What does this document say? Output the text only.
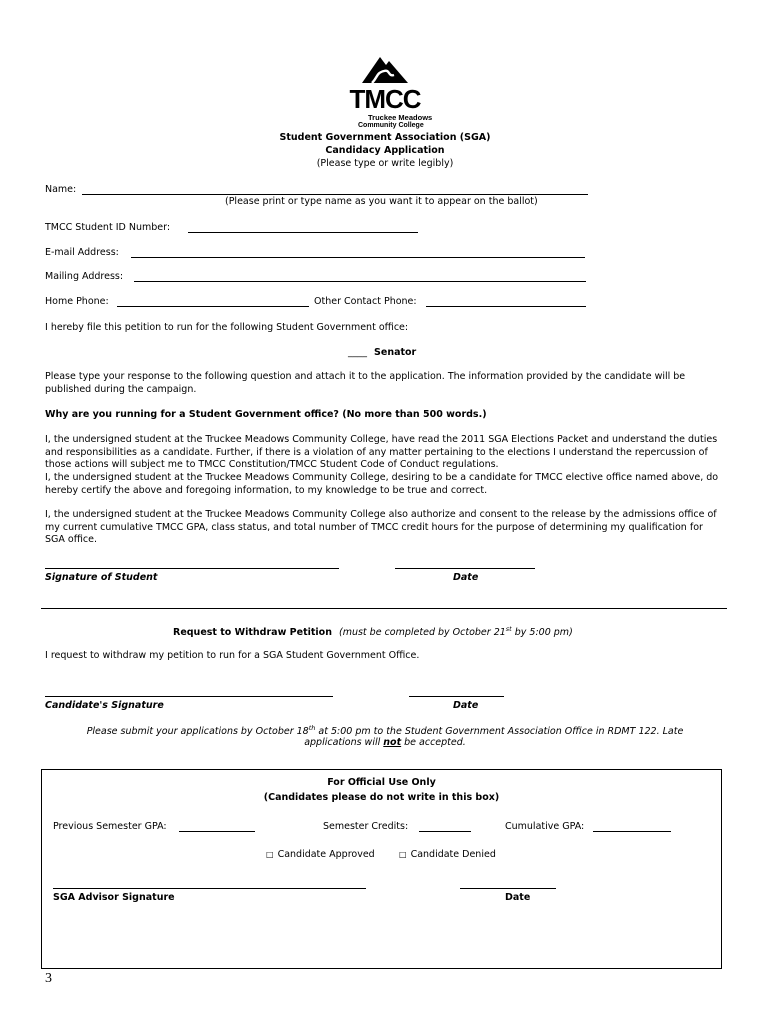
TMCC
Truckee Meadows
Community College
Student Government Association (SGA)
Candidacy Application
(Please type or write legibly)
Name:
(Please print or type name as you want it to appear on the ballot)
TMCC Student ID Number:
E-mail Address:
Mailing Address:
Home Phone:	Other Contact Phone:
I hereby file this petition to run for the following Student Government office:
____ Senator
Please type your response to the following question and attach it to the application. The information provided by the candidate will be published during the campaign.
Why are you running for a Student Government office? (No more than 500 words.)
I, the undersigned student at the Truckee Meadows Community College, have read the 2011 SGA Elections Packet and understand the duties and responsibilities as a candidate. Further, if there is a violation of any matter pertaining to the elections I understand the repercussion of those actions will subject me to TMCC Constitution/TMCC Student Code of Conduct regulations.
I, the undersigned student at the Truckee Meadows Community College, desiring to be a candidate for TMCC elective office named above, do hereby certify the above and foregoing information, to my knowledge to be true and correct.
I, the undersigned student at the Truckee Meadows Community College also authorize and consent to the release by the admissions office of my current cumulative TMCC GPA, class status, and total number of TMCC credit hours for the purpose of determining my qualification for SGA office.
Signature of Student	Date
Request to Withdraw Petition (must be completed by October 21st by 5:00 pm)
I request to withdraw my petition to run for a SGA Student Government Office.
Candidate's Signature	Date
Please submit your applications by October 18th at 5:00 pm to the Student Government Association Office in RDMT 122. Late
applications will not be accepted.
For Official Use Only
(Candidates please do not write in this box)
Previous Semester GPA:	Semester Credits:	Cumulative GPA:
□ Candidate Approved	□ Candidate Denied
SGA Advisor Signature	Date
3
